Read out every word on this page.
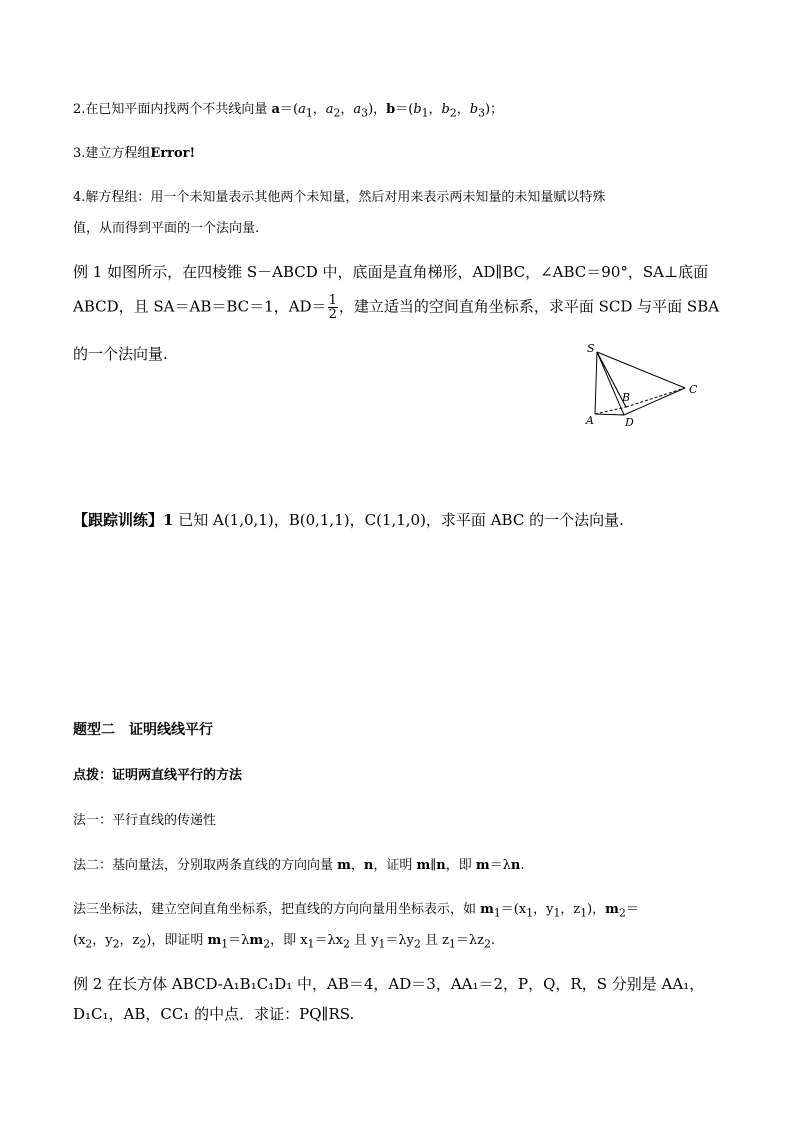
2.在已知平面内找两个不共线向量 $a=(a_1$，$a_2$，$a_3$)，$b=(b_1$，$b_2$，$b_3$)；
3.建立方程组Error!
4.解方程组：用一个未知量表示其他两个未知量，然后对用来表示两未知量的未知量赋以特殊
值，从而得到平面的一个法向量.
例 1 如图所示，在四棱锥 S－ABCD 中，底面是直角梯形，AD∥BC，∠ABC＝90°，SA⊥底面
ABCD，且 SA＝AB＝BC＝1，$AD= \frac{1}{2}$ ，建立适当的空间直角坐标系，求平面 SCD 与平面 SBA
的一个法向量.	S
A
B
C
D
【跟踪训练】1 已知 A(1,0,1)，B(0,1,1)，C(1,1,0)，求平面 ABC 的一个法向量.
题型二　证明线线平行
点拨：证明两直线平行的方法
法一：平行直线的传递性
法二：基向量法，分别取两条直线的方向向量 m，n，证明 m∥n，即 m＝λn.
法三坐标法，建立空间直角坐标系，把直线的方向向量用坐标表示，如 $m_1=(x_1$，$y_1$，$z_1$)，$m_2=$
($x_2$，$y_2$，$z_2$)，即证明 $m_1=\lambda m_2$，即 $x_1=\lambda x_2$ 且 $y_1=\lambda y_2$ 且 $z_1=\lambda z_2$.
例 2 在长方体 ABCD-A₁B₁C₁D₁ 中，AB＝4，AD＝3，AA₁＝2，P，Q，R，S 分别是 AA₁，
D₁C₁，AB，CC₁ 的中点．求证：PQ∥RS.
